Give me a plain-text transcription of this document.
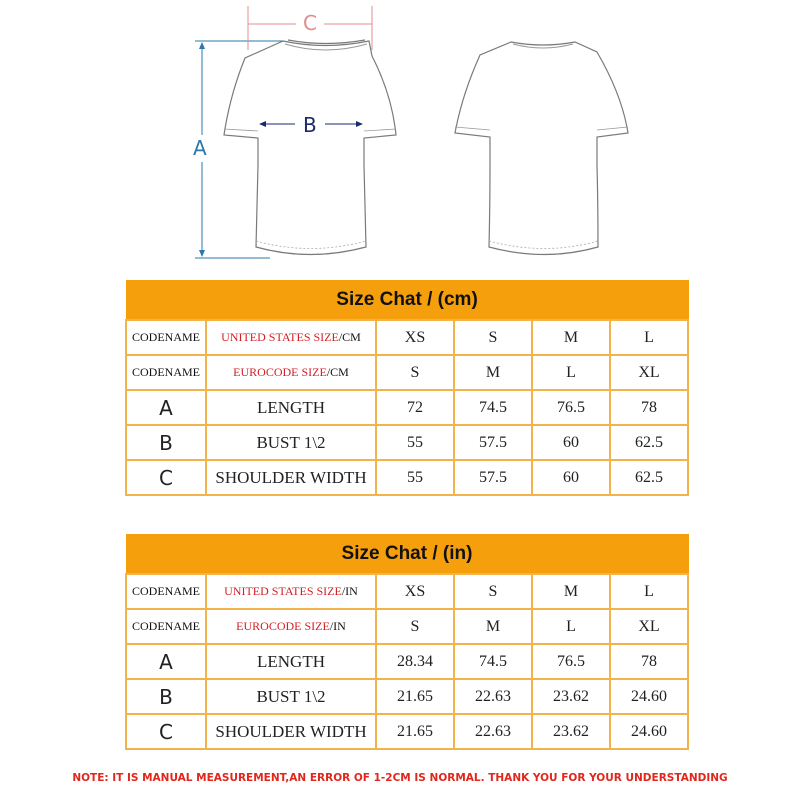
A
B
C
Size Chat / (cm)					
CODENAME	UNITED STATES SIZE/CM	XS	S	M	L
CODENAME	EUROCODE SIZE/CM	S	M	L	XL
A	LENGTH	72	74.5	76.5	78
B	BUST 1\2	55	57.5	60	62.5
C	SHOULDER WIDTH	55	57.5	60	62.5
Size Chat / (in)					
CODENAME	UNITED STATES SIZE/IN	XS	S	M	L
CODENAME	EUROCODE SIZE/IN	S	M	L	XL
A	LENGTH	28.34	74.5	76.5	78
B	BUST 1\2	21.65	22.63	23.62	24.60
C	SHOULDER WIDTH	21.65	22.63	23.62	24.60
NOTE: IT IS MANUAL MEASUREMENT,AN ERROR OF 1-2CM IS NORMAL. THANK YOU FOR YOUR UNDERSTANDING
